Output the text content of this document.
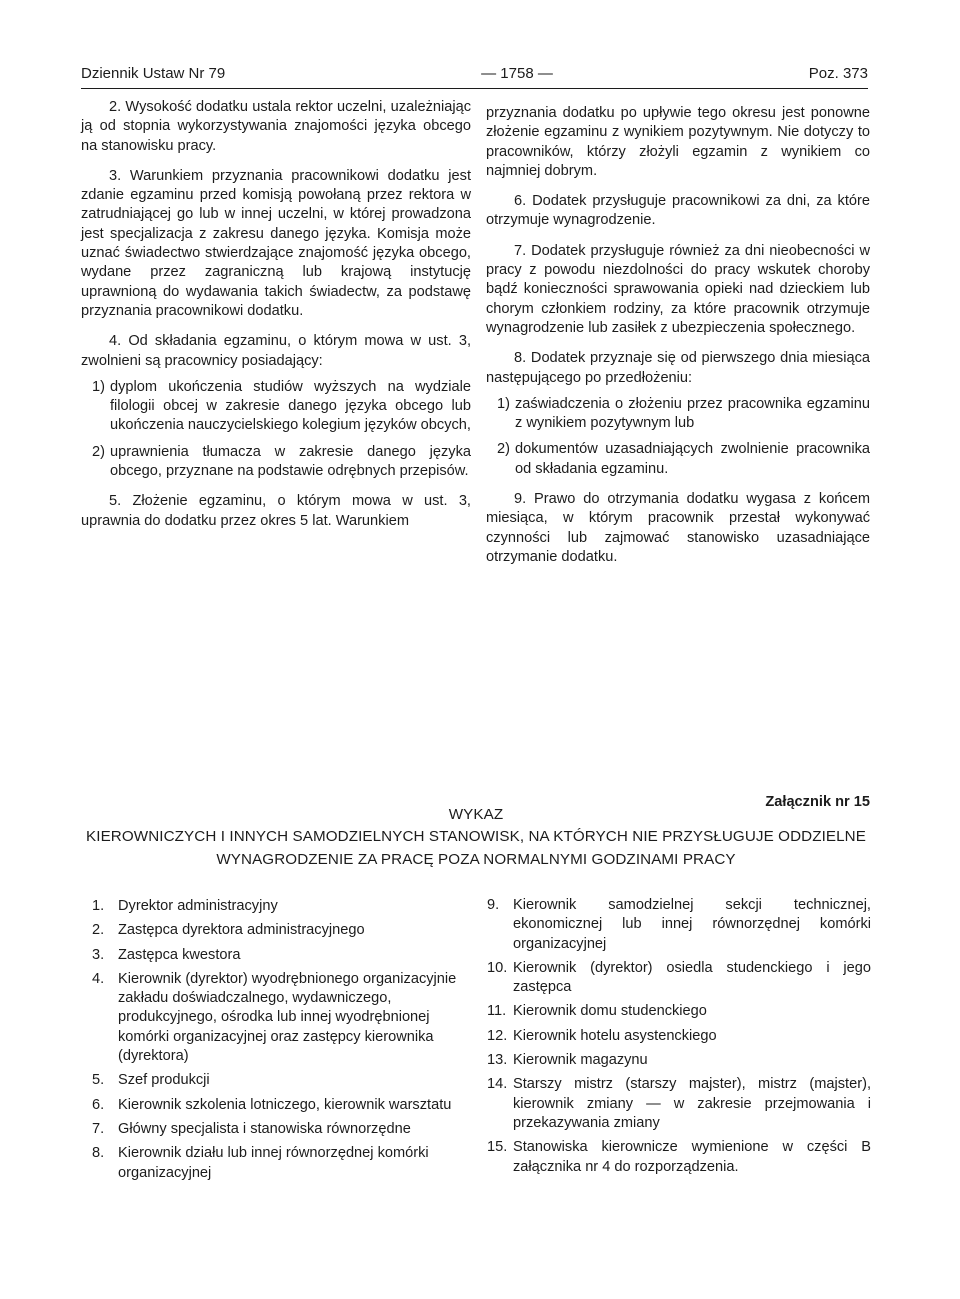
Dziennik Ustaw Nr 79	— 1758 —	Poz. 373

2. Wysokość dodatku ustala rektor uczelni, uzależniając ją od stopnia wykorzystywania znajomości języka obcego na stanowisku pracy.

3. Warunkiem przyznania pracownikowi dodatku jest zdanie egzaminu przed komisją powołaną przez rektora w zatrudniającej go lub w innej uczelni, w której prowadzona jest specjalizacja z zakresu danego języka. Komisja może uznać świadectwo stwierdzające znajomość języka obcego, wydane przez zagraniczną lub krajową instytucję uprawnioną do wydawania takich świadectw, za podstawę przyznania pracownikowi dodatku.

4. Od składania egzaminu, o którym mowa w ust. 3, zwolnieni są pracownicy posiadający:

1) dyplom ukończenia studiów wyższych na wydziale filologii obcej w zakresie danego języka obcego lub ukończenia nauczycielskiego kolegium języków obcych,
2) uprawnienia tłumacza w zakresie danego języka obcego, przyznane na podstawie odrębnych przepisów.

5. Złożenie egzaminu, o którym mowa w ust. 3, uprawnia do dodatku przez okres 5 lat. Warunkiem

przyznania dodatku po upływie tego okresu jest ponowne złożenie egzaminu z wynikiem pozytywnym. Nie dotyczy to pracowników, którzy złożyli egzamin z wynikiem co najmniej dobrym.

6. Dodatek przysługuje pracownikowi za dni, za które otrzymuje wynagrodzenie.

7. Dodatek przysługuje również za dni nieobecności w pracy z powodu niezdolności do pracy wskutek choroby bądź konieczności sprawowania opieki nad dzieckiem lub chorym członkiem rodziny, za które pracownik otrzymuje wynagrodzenie lub zasiłek z ubezpieczenia społecznego.

8. Dodatek przyznaje się od pierwszego dnia miesiąca następującego po przedłożeniu:

1) zaświadczenia o złożeniu przez pracownika egzaminu z wynikiem pozytywnym lub
2) dokumentów uzasadniających zwolnienie pracownika od składania egzaminu.

9. Prawo do otrzymania dodatku wygasa z końcem miesiąca, w którym pracownik przestał wykonywać czynności lub zajmować stanowisko uzasadniające otrzymanie dodatku.

Załącznik nr 15
WYKAZ
KIEROWNICZYCH I INNYCH SAMODZIELNYCH STANOWISK, NA KTÓRYCH NIE PRZYSŁUGUJE ODDZIELNE
WYNAGRODZENIE ZA PRACĘ POZA NORMALNYMI GODZINAMI PRACY
1. Dyrektor administracyjny
2. Zastępca dyrektora administracyjnego
3. Zastępca kwestora
4. Kierownik (dyrektor) wyodrębnionego organizacyjnie zakładu doświadczalnego, wydawniczego, produkcyjnego, ośrodka lub innej wyodrębnionej komórki organizacyjnej oraz zastępcy kierownika (dyrektora)
5. Szef produkcji
6. Kierownik szkolenia lotniczego, kierownik warsztatu
7. Główny specjalista i stanowiska równorzędne
8. Kierownik działu lub innej równorzędnej komórki organizacyjnej
9. Kierownik samodzielnej sekcji technicznej, ekonomicznej lub innej równorzędnej komórki organizacyjnej
10. Kierownik (dyrektor) osiedla studenckiego i jego zastępca
11. Kierownik domu studenckiego
12. Kierownik hotelu asystenckiego
13. Kierownik magazynu
14. Starszy mistrz (starszy majster), mistrz (majster), kierownik zmiany — w zakresie przejmowania i przekazywania zmiany
15. Stanowiska kierownicze wymienione w części B załącznika nr 4 do rozporządzenia.
